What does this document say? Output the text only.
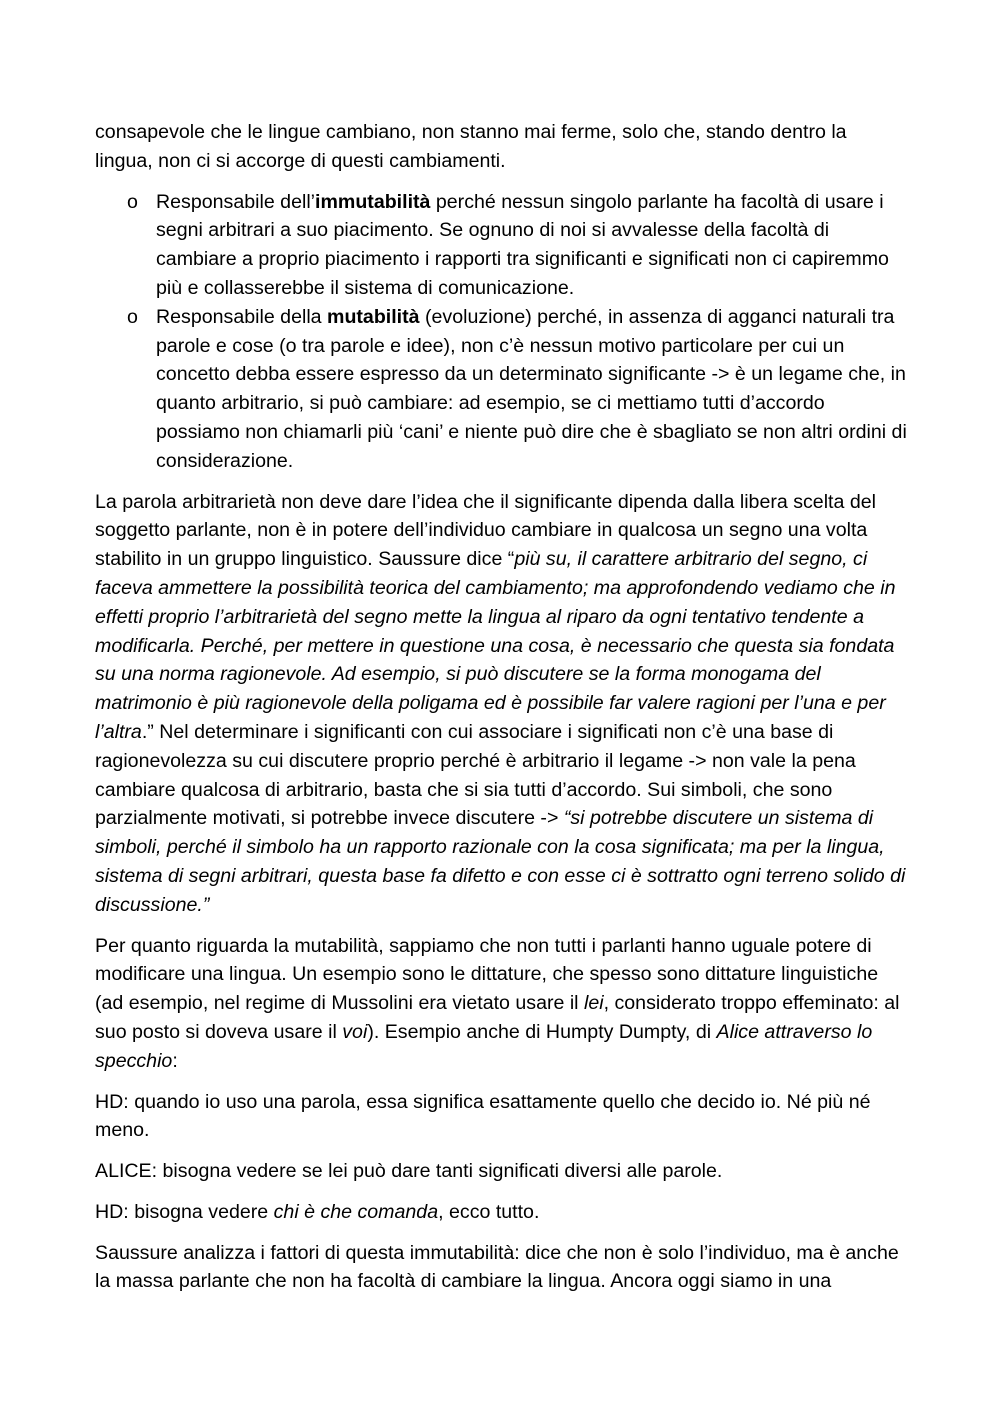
consapevole che le lingue cambiano, non stanno mai ferme, solo che, stando dentro la lingua, non ci si accorge di questi cambiamenti.

o Responsabile dell’immutabilità perché nessun singolo parlante ha facoltà di usare i segni arbitrari a suo piacimento. Se ognuno di noi si avvalesse della facoltà di cambiare a proprio piacimento i rapporti tra significanti e significati non ci capiremmo più e collasserebbe il sistema di comunicazione.
o Responsabile della mutabilità (evoluzione) perché, in assenza di agganci naturali tra parole e cose (o tra parole e idee), non c’è nessun motivo particolare per cui un concetto debba essere espresso da un determinato significante -> è un legame che, in quanto arbitrario, si può cambiare: ad esempio, se ci mettiamo tutti d’accordo possiamo non chiamarli più ‘cani’ e niente può dire che è sbagliato se non altri ordini di considerazione.

La parola arbitrarietà non deve dare l’idea che il significante dipenda dalla libera scelta del soggetto parlante, non è in potere dell’individuo cambiare in qualcosa un segno una volta stabilito in un gruppo linguistico. Saussure dice “più su, il carattere arbitrario del segno, ci faceva ammettere la possibilità teorica del cambiamento; ma approfondendo vediamo che in effetti proprio l’arbitrarietà del segno mette la lingua al riparo da ogni tentativo tendente a modificarla. Perché, per mettere in questione una cosa, è necessario che questa sia fondata su una norma ragionevole. Ad esempio, si può discutere se la forma monogama del matrimonio è più ragionevole della poligama ed è possibile far valere ragioni per l’una e per l’altra.” Nel determinare i significanti con cui associare i significati non c’è una base di ragionevolezza su cui discutere proprio perché è arbitrario il legame -> non vale la pena cambiare qualcosa di arbitrario, basta che si sia tutti d’accordo. Sui simboli, che sono parzialmente motivati, si potrebbe invece discutere -> “si potrebbe discutere un sistema di simboli, perché il simbolo ha un rapporto razionale con la cosa significata; ma per la lingua, sistema di segni arbitrari, questa base fa difetto e con esse ci è sottratto ogni terreno solido di discussione.”

Per quanto riguarda la mutabilità, sappiamo che non tutti i parlanti hanno uguale potere di modificare una lingua. Un esempio sono le dittature, che spesso sono dittature linguistiche (ad esempio, nel regime di Mussolini era vietato usare il lei, considerato troppo effeminato: al suo posto si doveva usare il voi). Esempio anche di Humpty Dumpty, di Alice attraverso lo specchio:

HD: quando io uso una parola, essa significa esattamente quello che decido io. Né più né meno.

ALICE: bisogna vedere se lei può dare tanti significati diversi alle parole.

HD: bisogna vedere chi è che comanda, ecco tutto.

Saussure analizza i fattori di questa immutabilità: dice che non è solo l’individuo, ma è anche la massa parlante che non ha facoltà di cambiare la lingua. Ancora oggi siamo in una
